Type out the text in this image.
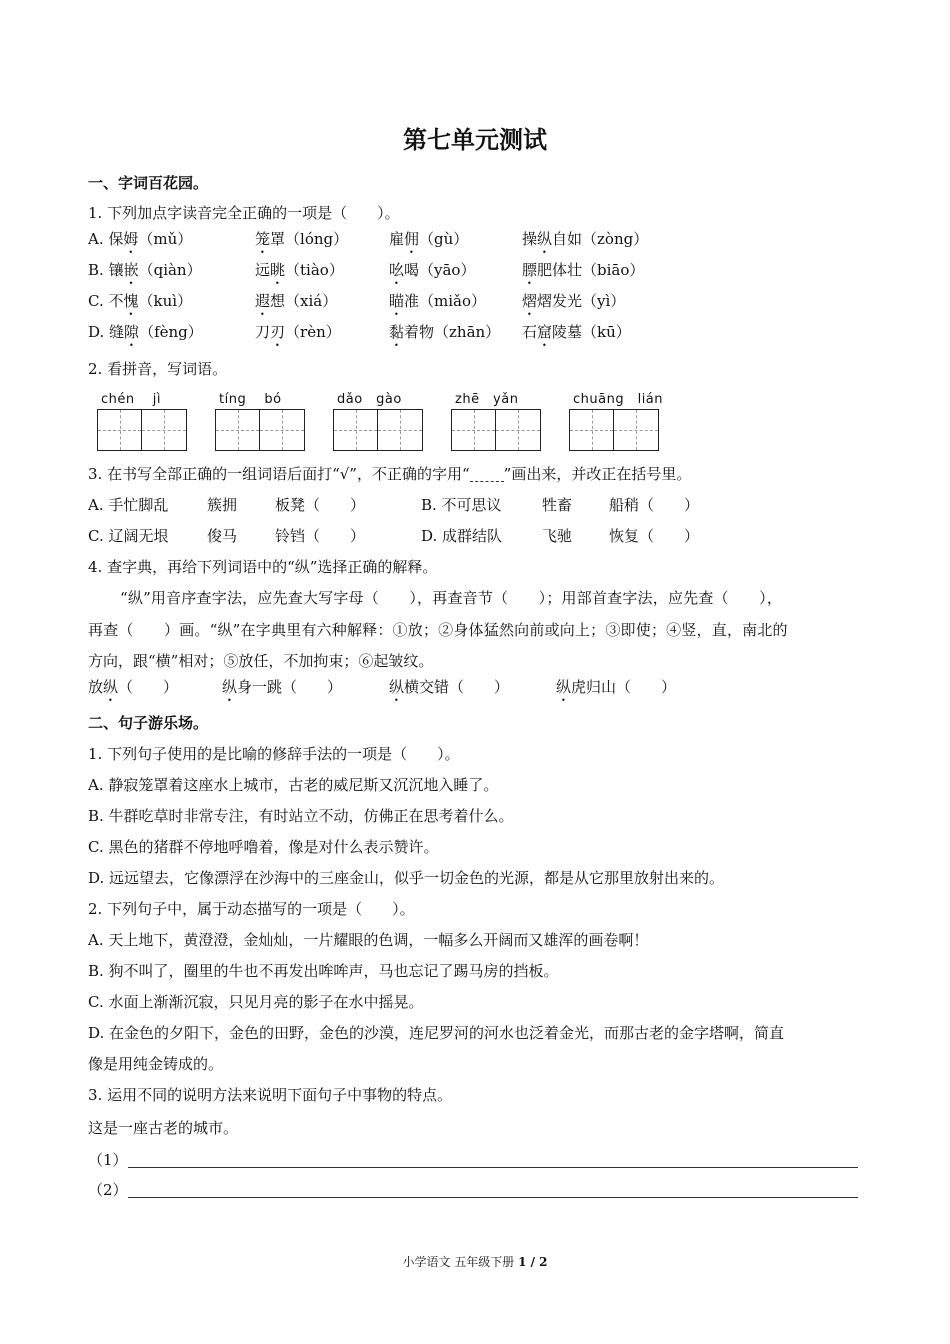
第七单元测试
一、字词百花园。
1. 下列加点字读音完全正确的一项是（　　）。
A. 保姆（mǔ）	笼罩（lóng）	雇佣（gù）	操纵自如（zòng）
B. 镶嵌（qiàn）	远眺（tiào）	吆喝（yāo）	膘肥体壮（biāo）
C. 不愧（kuì）	遐想（xiá）	瞄准（miǎo） 熠熠发光（yì）
D. 缝隙（fèng）	刀刃（rèn）	黏着物（zhān） 石窟陵墓（kū）
2. 看拼音，写词语。
chén　 jì	tíng　 bó	dǎo　gào	zhē　yǎn	chuāng　lián
3. 在书写全部正确的一组词语后面打“√”，不正确的字用“ ”画出来，并改正在括号里。
A. 手忙脚乱	簇拥	板凳（　　）	B. 不可思议	牲畜 船稍（　　）
C. 辽阔无垠	俊马	铃铛（　　）	D. 成群结队	飞驰 恢复（　　）
4. 查字典，再给下列词语中的“纵”选择正确的解释。
“纵”用音序查字法，应先查大写字母（　　），再查音节（　　）；用部首查字法，应先查（　　），
再查（　　）画。“纵”在字典里有六种解释：①放；②身体猛然向前或向上；③即使；④竖，直，南北的
方向，跟“横”相对；⑤放任，不加拘束；⑥起皱纹。
放纵（　　）	纵身一跳（　　）	纵横交错（　　）	纵虎归山（　　）
二、句子游乐场。
1. 下列句子使用的是比喻的修辞手法的一项是（　　）。
A. 静寂笼罩着这座水上城市，古老的威尼斯又沉沉地入睡了。
B. 牛群吃草时非常专注，有时站立不动，仿佛正在思考着什么。
C. 黑色的猪群不停地呼噜着，像是对什么表示赞许。
D. 远远望去，它像漂浮在沙海中的三座金山，似乎一切金色的光源，都是从它那里放射出来的。
2. 下列句子中，属于动态描写的一项是（　　）。
A. 天上地下，黄澄澄，金灿灿，一片耀眼的色调，一幅多么开阔而又雄浑的画卷啊！
B. 狗不叫了，圈里的牛也不再发出哞哞声，马也忘记了踢马房的挡板。
C. 水面上渐渐沉寂，只见月亮的影子在水中摇晃。
D. 在金色的夕阳下，金色的田野，金色的沙漠，连尼罗河的河水也泛着金光，而那古老的金字塔啊，简直
像是用纯金铸成的。
3. 运用不同的说明方法来说明下面句子中事物的特点。
这是一座古老的城市。
（1）
（2）
小学语文 五年级下册 1 / 2
